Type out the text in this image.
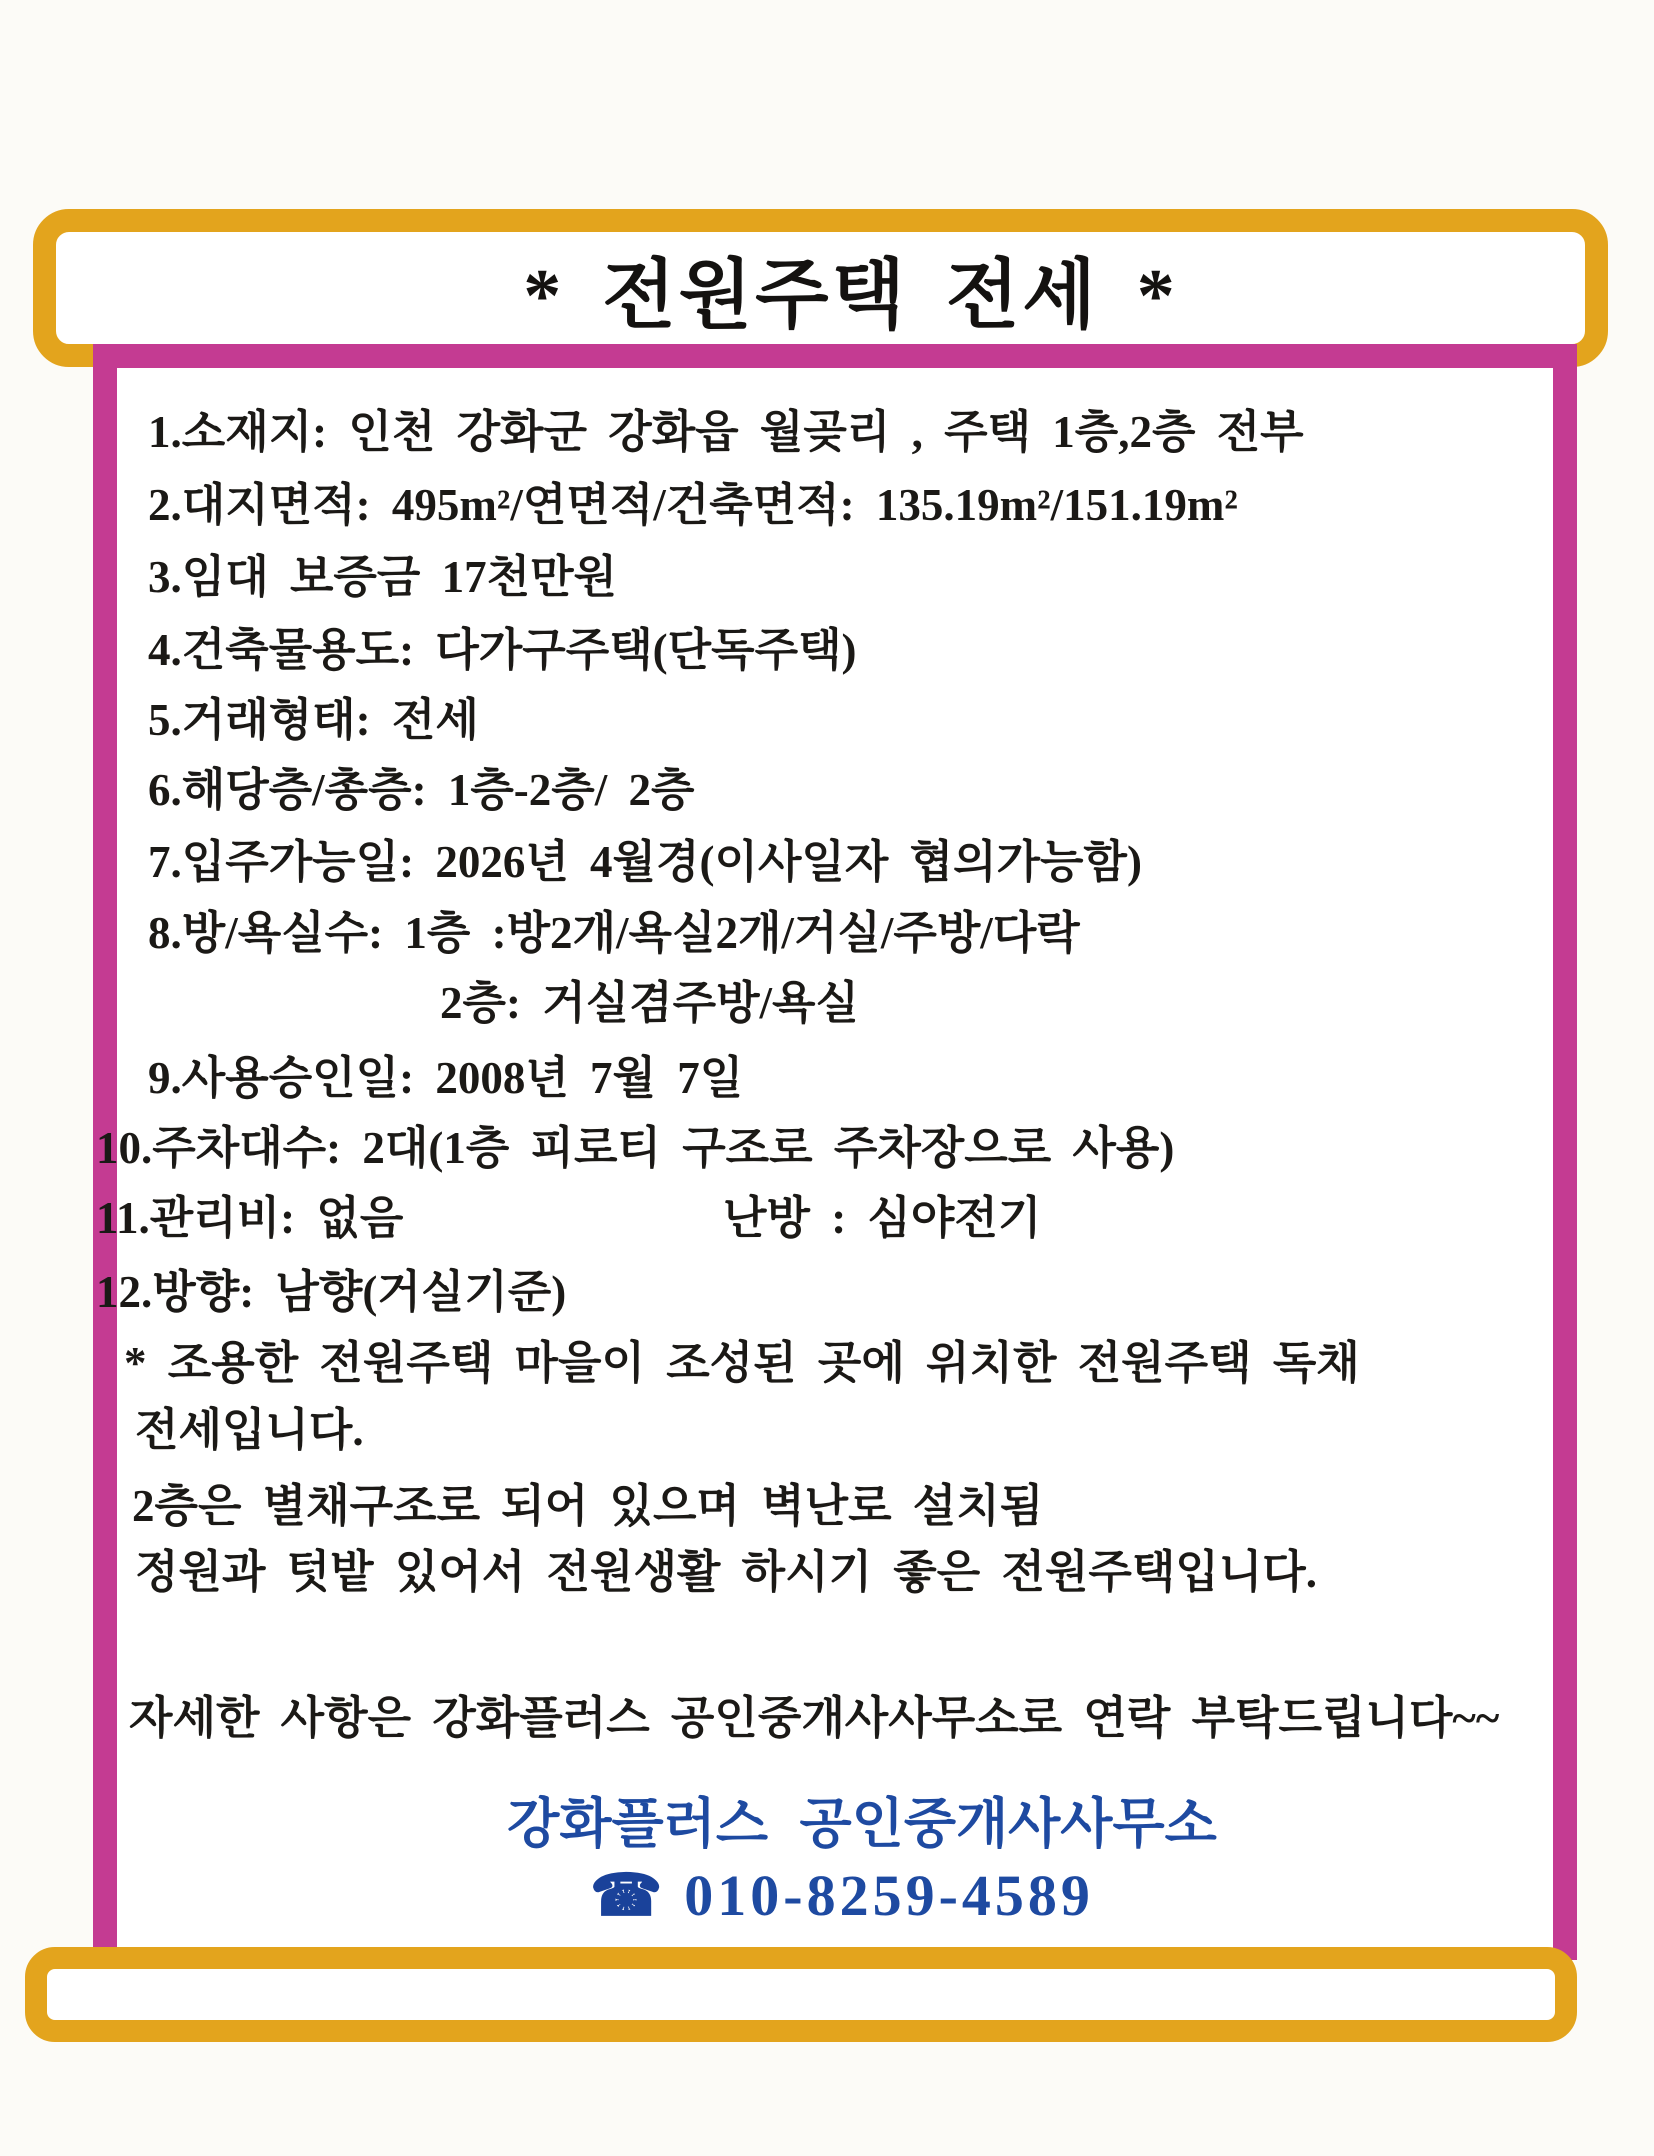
* 전원주택 전세 *
1.소재지: 인천 강화군 강화읍 월곶리 , 주택 1층,2층 전부
2.대지면적: 495m²/연면적/건축면적: 135.19m²/151.19m²
3.임대 보증금 17천만원
4.건축물용도: 다가구주택(단독주택)
5.거래형태: 전세
6.해당층/총층: 1층-2층/ 2층
7.입주가능일: 2026년 4월경(이사일자 협의가능함)
8.방/욕실수: 1층 :방2개/욕실2개/거실/주방/다락
2층: 거실겸주방/욕실
9.사용승인일: 2008년 7월 7일
10.주차대수: 2대(1층 피로티 구조로 주차장으로 사용)
11.관리비: 없음	난방 : 심야전기
12.방향: 남향(거실기준)
* 조용한 전원주택 마을이 조성된 곳에 위치한 전원주택 독채
전세입니다.
2층은 별채구조로 되어 있으며 벽난로 설치됨
정원과 텃밭 있어서 전원생활 하시기 좋은 전원주택입니다.
자세한 사항은 강화플러스 공인중개사사무소로 연락 부탁드립니다~~
강화플러스 공인중개사사무소
☎ 010-8259-4589
